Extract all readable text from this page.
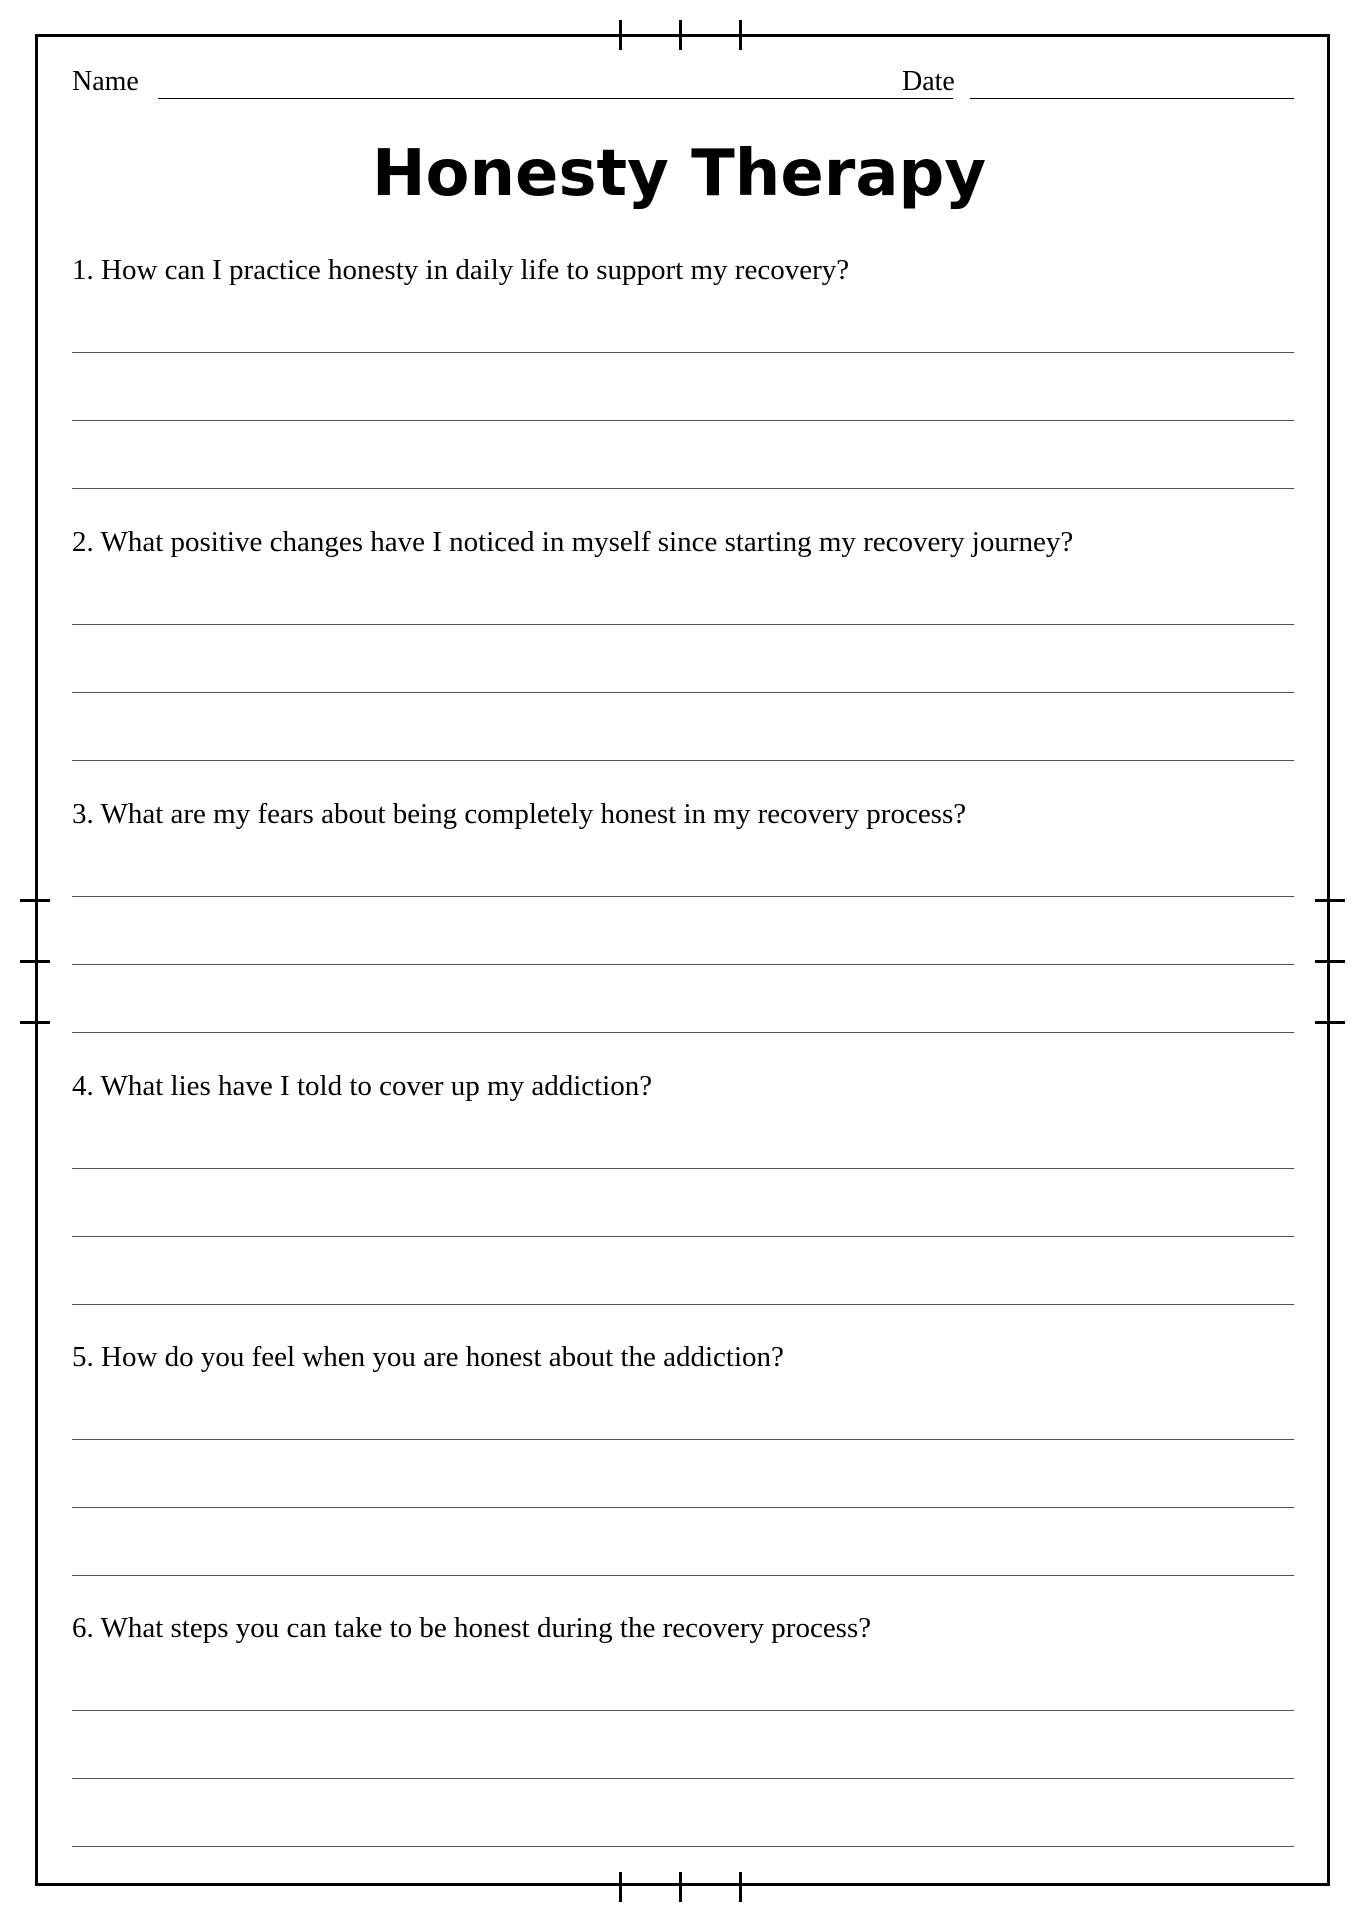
Name	Date
Honesty Therapy
1. How can I practice honesty in daily life to support my recovery?
2. What positive changes have I noticed in myself since starting my recovery journey?
3. What are my fears about being completely honest in my recovery process?
4. What lies have I told to cover up my addiction?
5. How do you feel when you are honest about the addiction?
6. What steps you can take to be honest during the recovery process?
